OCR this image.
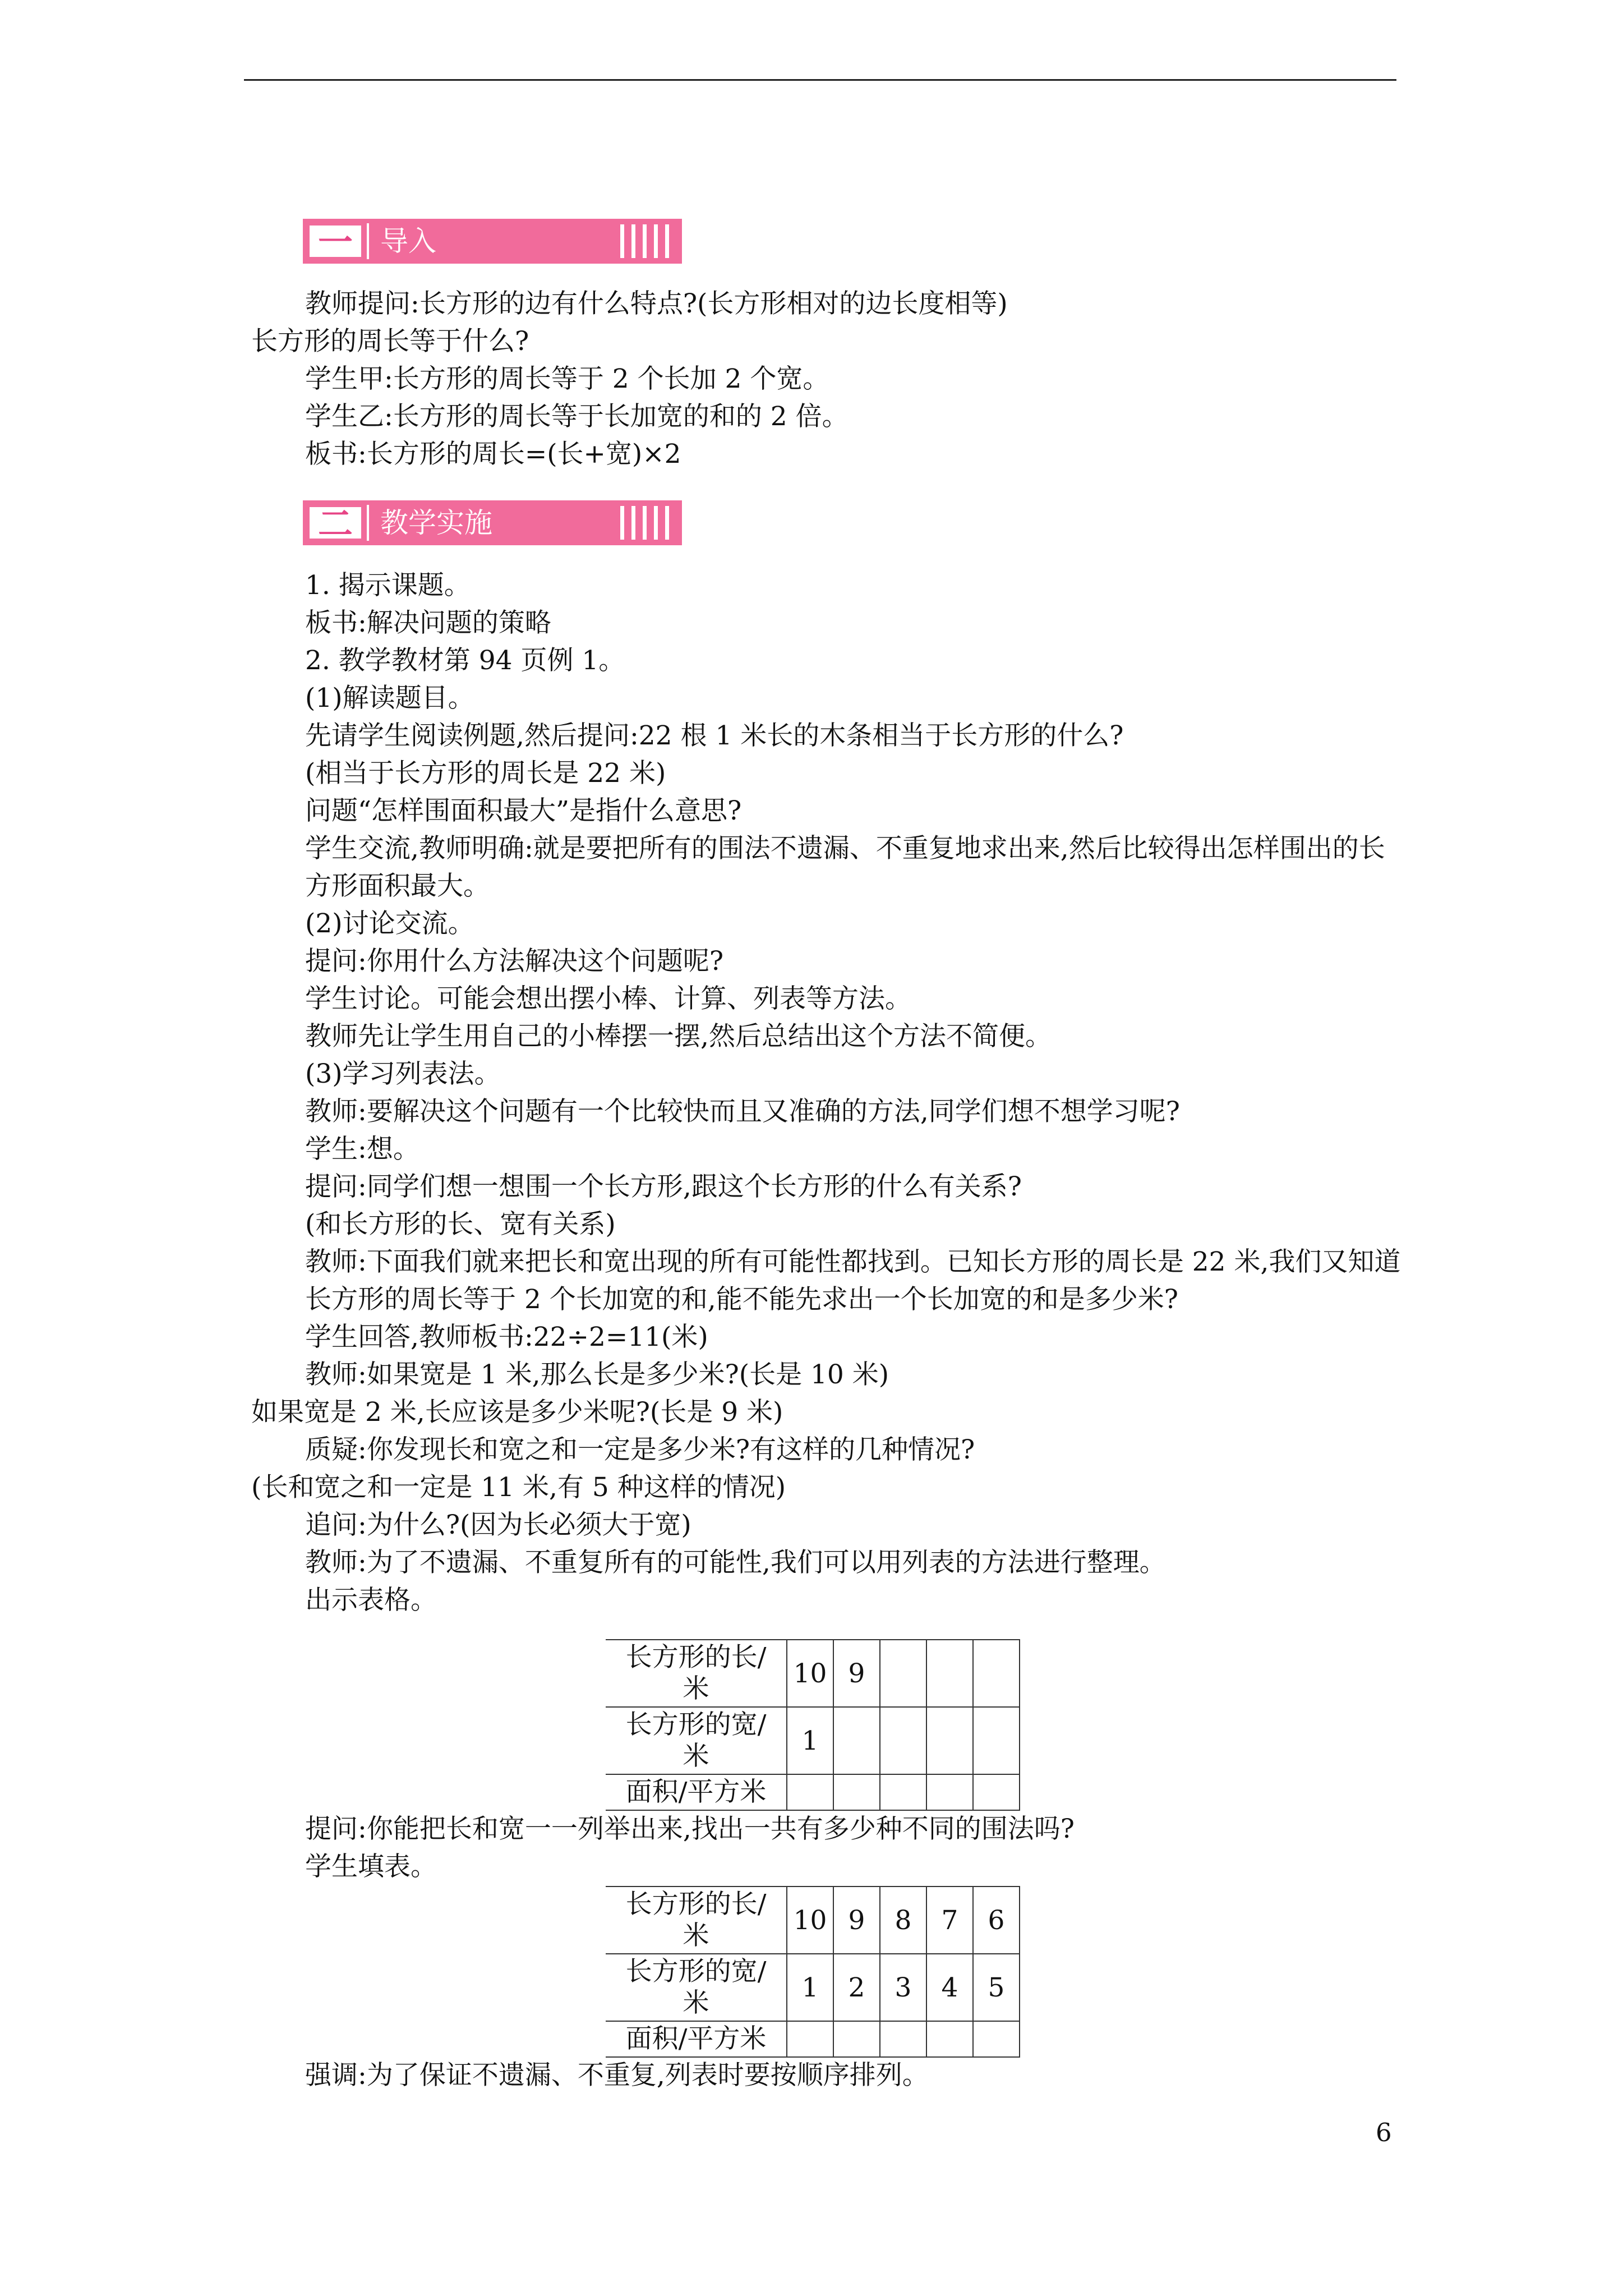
一 导入

教师提问:长方形的边有什么特点?(长方形相对的边长度相等)

长方形的周长等于什么?

学生甲:长方形的周长等于 2 个长加 2 个宽。

学生乙:长方形的周长等于长加宽的和的 2 倍。

板书:长方形的周长=(长+宽)×2

二 教学实施

1. 揭示课题。

板书:解决问题的策略

2. 教学教材第 94 页例 1。

(1)解读题目。

先请学生阅读例题,然后提问:22 根 1 米长的木条相当于长方形的什么?

(相当于长方形的周长是 22 米)

问题“怎样围面积最大”是指什么意思?

学生交流,教师明确:就是要把所有的围法不遗漏、不重复地求出来,然后比较得出怎样围出的长方形面积最大。

(2)讨论交流。

提问:你用什么方法解决这个问题呢?

学生讨论。可能会想出摆小棒、计算、列表等方法。

教师先让学生用自己的小棒摆一摆,然后总结出这个方法不简便。

(3)学习列表法。

教师:要解决这个问题有一个比较快而且又准确的方法,同学们想不想学习呢?

学生:想。

提问:同学们想一想围一个长方形,跟这个长方形的什么有关系?

(和长方形的长、宽有关系)

教师:下面我们就来把长和宽出现的所有可能性都找到。已知长方形的周长是 22 米,我们又知道长方形的周长等于 2 个长加宽的和,能不能先求出一个长加宽的和是多少米?

学生回答,教师板书:22÷2=11(米)

教师:如果宽是 1 米,那么长是多少米?(长是 10 米)

如果宽是 2 米,长应该是多少米呢?(长是 9 米)

质疑:你发现长和宽之和一定是多少米?有这样的几种情况?

(长和宽之和一定是 11 米,有 5 种这样的情况)

追问:为什么?(因为长必须大于宽)

教师:为了不遗漏、不重复所有的可能性,我们可以用列表的方法进行整理。

出示表格。

长方形的长/
米	10	9			
长方形的宽/
米	1				
面积/平方米					

提问:你能把长和宽一一列举出来,找出一共有多少种不同的围法吗?

学生填表。

长方形的长/
米	10	9	8	7	6
长方形的宽/
米	1	2	3	4	5
面积/平方米					

强调:为了保证不遗漏、不重复,列表时要按顺序排列。

6
